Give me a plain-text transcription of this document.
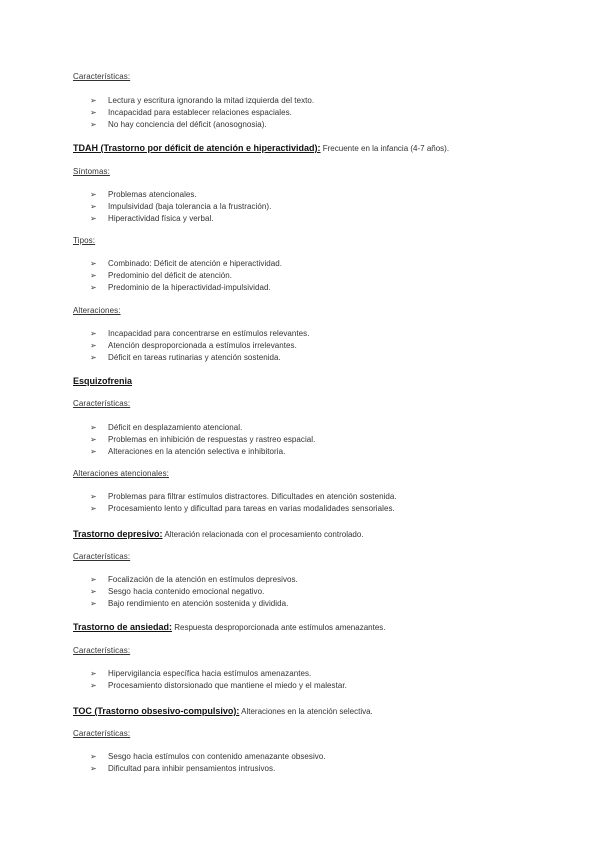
Características:
➢ Lectura y escritura ignorando la mitad izquierda del texto.
➢ Incapacidad para establecer relaciones espaciales.
➢ No hay conciencia del déficit (anosognosia).
TDAH (Trastorno por déficit de atención e hiperactividad): Frecuente en la infancia (4-7 años).
Síntomas:
➢ Problemas atencionales.
➢ Impulsividad (baja tolerancia a la frustración).
➢ Hiperactividad física y verbal.
Tipos:
➢ Combinado: Déficit de atención e hiperactividad.
➢ Predominio del déficit de atención.
➢ Predominio de la hiperactividad-impulsividad.
Alteraciones:
➢ Incapacidad para concentrarse en estímulos relevantes.
➢ Atención desproporcionada a estímulos irrelevantes.
➢ Déficit en tareas rutinarias y atención sostenida.
Esquizofrenia
Características:
➢ Déficit en desplazamiento atencional.
➢ Problemas en inhibición de respuestas y rastreo espacial.
➢ Alteraciones en la atención selectiva e inhibitoria.
Alteraciones atencionales:
➢ Problemas para filtrar estímulos distractores. Dificultades en atención sostenida.
➢ Procesamiento lento y dificultad para tareas en varias modalidades sensoriales.
Trastorno depresivo: Alteración relacionada con el procesamiento controlado.
Características:
➢ Focalización de la atención en estímulos depresivos.
➢ Sesgo hacia contenido emocional negativo.
➢ Bajo rendimiento en atención sostenida y dividida.
Trastorno de ansiedad: Respuesta desproporcionada ante estímulos amenazantes.
Características:
➢ Hipervigilancia específica hacia estímulos amenazantes.
➢ Procesamiento distorsionado que mantiene el miedo y el malestar.
TOC (Trastorno obsesivo-compulsivo): Alteraciones en la atención selectiva.
Características:
➢ Sesgo hacia estímulos con contenido amenazante obsesivo.
➢ Dificultad para inhibir pensamientos intrusivos.
